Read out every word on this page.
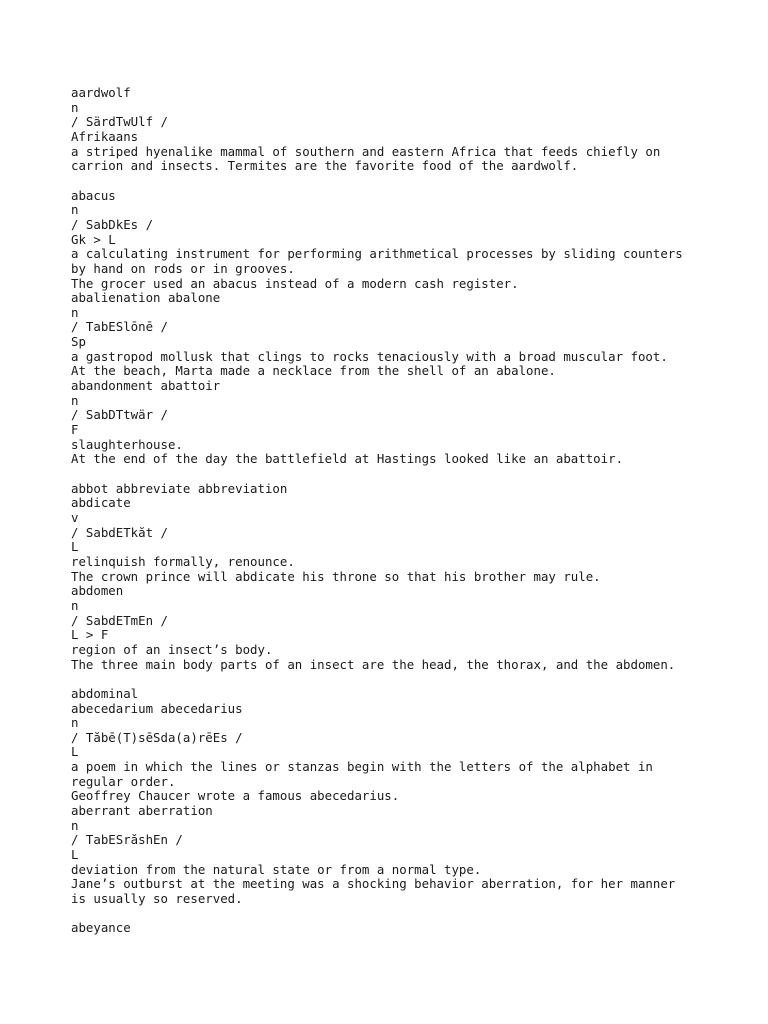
aardwolf
n
/ SärdTwUlf /
Afrikaans
a striped hyenalike mammal of southern and eastern Africa that feeds chiefly on
carrion and insects. Termites are the favorite food of the aardwolf.
abacus
n
/ SabDkEs /
Gk > L
a calculating instrument for performing arithmetical processes by sliding counters
by hand on rods or in grooves.
The grocer used an abacus instead of a modern cash register.
abalienation abalone
n
/ TabESlōnē /
Sp
a gastropod mollusk that clings to rocks tenaciously with a broad muscular foot.
At the beach, Marta made a necklace from the shell of an abalone.
abandonment abattoir
n
/ SabDTtwär /
F
slaughterhouse.
At the end of the day the battlefield at Hastings looked like an abattoir.
abbot abbreviate abbreviation
abdicate
v
/ SabdETkăt /
L
relinquish formally, renounce.
The crown prince will abdicate his throne so that his brother may rule.
abdomen
n
/ SabdETmEn /
L > F
region of an insect’s body.
The three main body parts of an insect are the head, the thorax, and the abdomen.
abdominal
abecedarium abecedarius
n
/ Tăbē(T)sēSda(a)rēEs /
L
a poem in which the lines or stanzas begin with the letters of the alphabet in
regular order.
Geoffrey Chaucer wrote a famous abecedarius.
aberrant aberration
n
/ TabESrăshEn /
L
deviation from the natural state or from a normal type.
Jane’s outburst at the meeting was a shocking behavior aberration, for her manner
is usually so reserved.
abeyance
